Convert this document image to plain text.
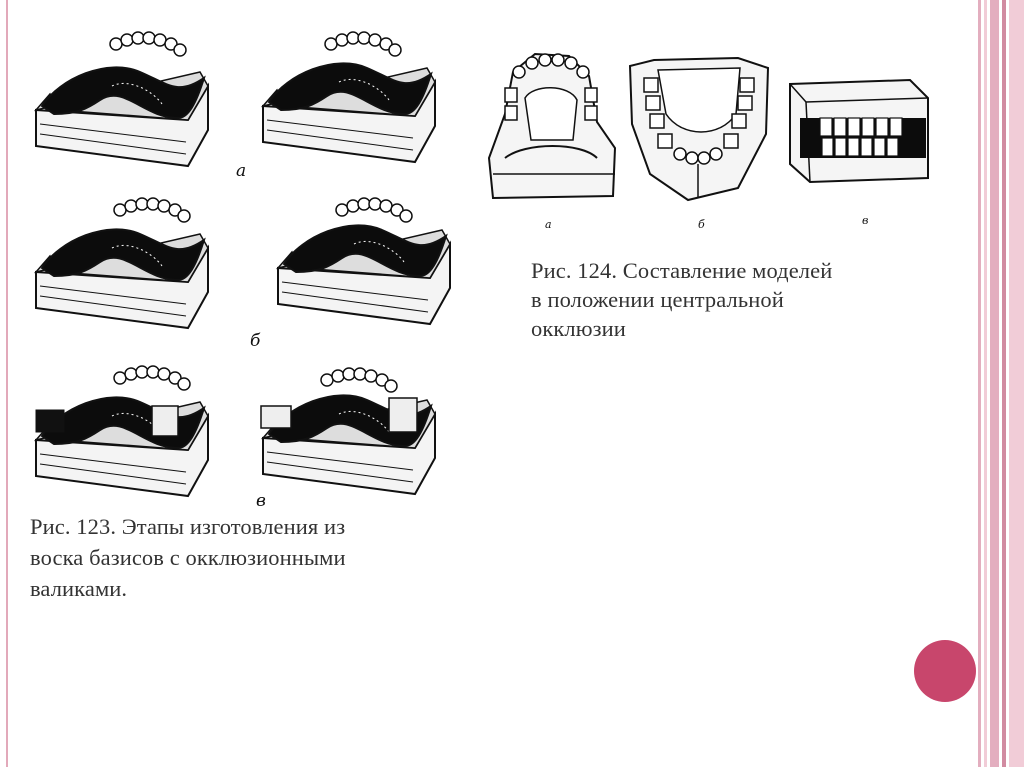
а
б
в
а	б	в

Рис. 124. Составление моделей

в положении центральной

окклюзии

Рис. 123. Этапы изготовления из

воска базисов с окклюзионными

валиками.
